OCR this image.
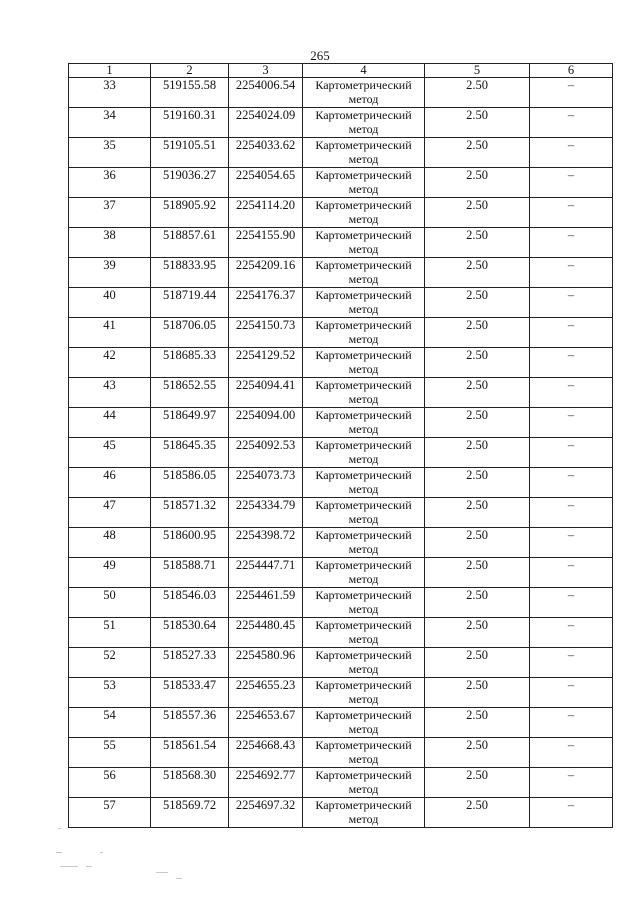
265
1	2	3	4	5	6
33	519155.58	2254006.54	Картометрический метод	2.50	–
34	519160.31	2254024.09	Картометрический метод	2.50	–
35	519105.51	2254033.62	Картометрический метод	2.50	–
36	519036.27	2254054.65	Картометрический метод	2.50	–
37	518905.92	2254114.20	Картометрический метод	2.50	–
38	518857.61	2254155.90	Картометрический метод	2.50	–
39	518833.95	2254209.16	Картометрический метод	2.50	–
40	518719.44	2254176.37	Картометрический метод	2.50	–
41	518706.05	2254150.73	Картометрический метод	2.50	–
42	518685.33	2254129.52	Картометрический метод	2.50	–
43	518652.55	2254094.41	Картометрический метод	2.50	–
44	518649.97	2254094.00	Картометрический метод	2.50	–
45	518645.35	2254092.53	Картометрический метод	2.50	–
46	518586.05	2254073.73	Картометрический метод	2.50	–
47	518571.32	2254334.79	Картометрический метод	2.50	–
48	518600.95	2254398.72	Картометрический метод	2.50	–
49	518588.71	2254447.71	Картометрический метод	2.50	–
50	518546.03	2254461.59	Картометрический метод	2.50	–
51	518530.64	2254480.45	Картометрический метод	2.50	–
52	518527.33	2254580.96	Картометрический метод	2.50	–
53	518533.47	2254655.23	Картометрический метод	2.50	–
54	518557.36	2254653.67	Картометрический метод	2.50	–
55	518561.54	2254668.43	Картометрический метод	2.50	–
56	518568.30	2254692.77	Картометрический метод	2.50	–
57	518569.72	2254697.32	Картометрический метод	2.50	–
